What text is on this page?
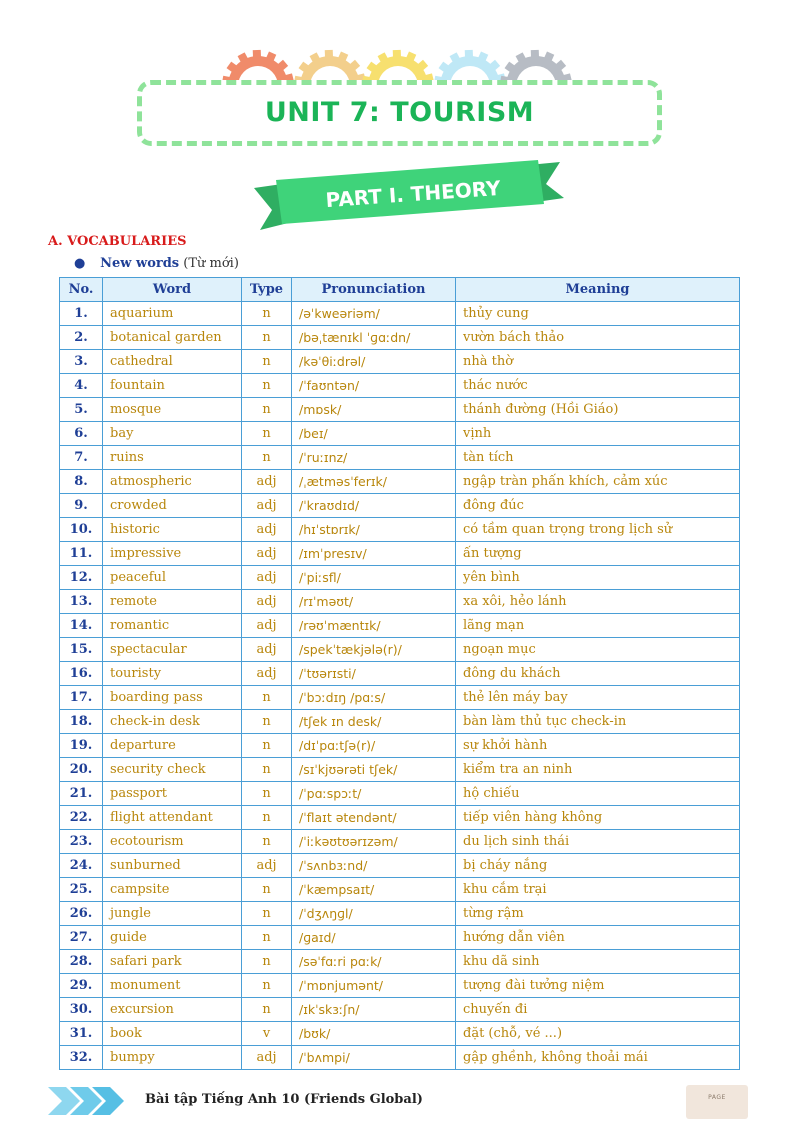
UNIT 7: TOURISM
PART I. THEORY
A. VOCABULARIES
● New words (Từ mới)
No.	Word	Type	Pronunciation	Meaning
1.	aquarium	n	/əˈkweəriəm/	thủy cung
2.	botanical garden	n	/bəˌtænɪkl ˈɡɑːdn/	vườn bách thảo
3.	cathedral	n	/kəˈθiːdrəl/	nhà thờ
4.	fountain	n	/ˈfaʊntən/	thác nước
5.	mosque	n	/mɒsk/	thánh đường (Hồi Giáo)
6.	bay	n	/beɪ/	vịnh
7.	ruins	n	/ˈruːɪnz/	tàn tích
8.	atmospheric	adj	/ˌætməsˈferɪk/	ngập tràn phấn khích, cảm xúc
9.	crowded	adj	/ˈkraʊdɪd/	đông đúc
10.	historic	adj	/hɪˈstɒrɪk/	có tầm quan trọng trong lịch sử
11.	impressive	adj	/ɪmˈpresɪv/	ấn tượng
12.	peaceful	adj	/ˈpiːsfl/	yên bình
13.	remote	adj	/rɪˈməʊt/	xa xôi, hẻo lánh
14.	romantic	adj	/rəʊˈmæntɪk/	lãng mạn
15.	spectacular	adj	/spekˈtækjələ(r)/	ngoạn mục
16.	touristy	adj	/ˈtʊərɪsti/	đông du khách
17.	boarding pass	n	/ˈbɔːdɪŋ /pɑːs/	thẻ lên máy bay
18.	check-in desk	n	/tʃek ɪn desk/	bàn làm thủ tục check-in
19.	departure	n	/dɪˈpɑːtʃə(r)/	sự khởi hành
20.	security check	n	/sɪˈkjʊərəti tʃek/	kiểm tra an ninh
21.	passport	n	/ˈpɑːspɔːt/	hộ chiếu
22.	flight attendant	n	/ˈflaɪt ətendənt/	tiếp viên hàng không
23.	ecotourism	n	/ˈiːkəʊtʊərɪzəm/	du lịch sinh thái
24.	sunburned	adj	/ˈsʌnbɜːnd/	bị cháy nắng
25.	campsite	n	/ˈkæmpsaɪt/	khu cắm trại
26.	jungle	n	/ˈdʒʌŋɡl/	từng rậm
27.	guide	n	/ɡaɪd/	hướng dẫn viên
28.	safari park	n	/səˈfɑːri pɑːk/	khu dã sinh
29.	monument	n	/ˈmɒnjumənt/	tượng đài tưởng niệm
30.	excursion	n	/ɪkˈskɜːʃn/	chuyến đi
31.	book	v	/bʊk/	đặt (chỗ, vé ...)
32.	bumpy	adj	/ˈbʌmpi/	gập ghềnh, không thoải mái
Bài tập Tiếng Anh 10 (Friends Global)	PAGE
